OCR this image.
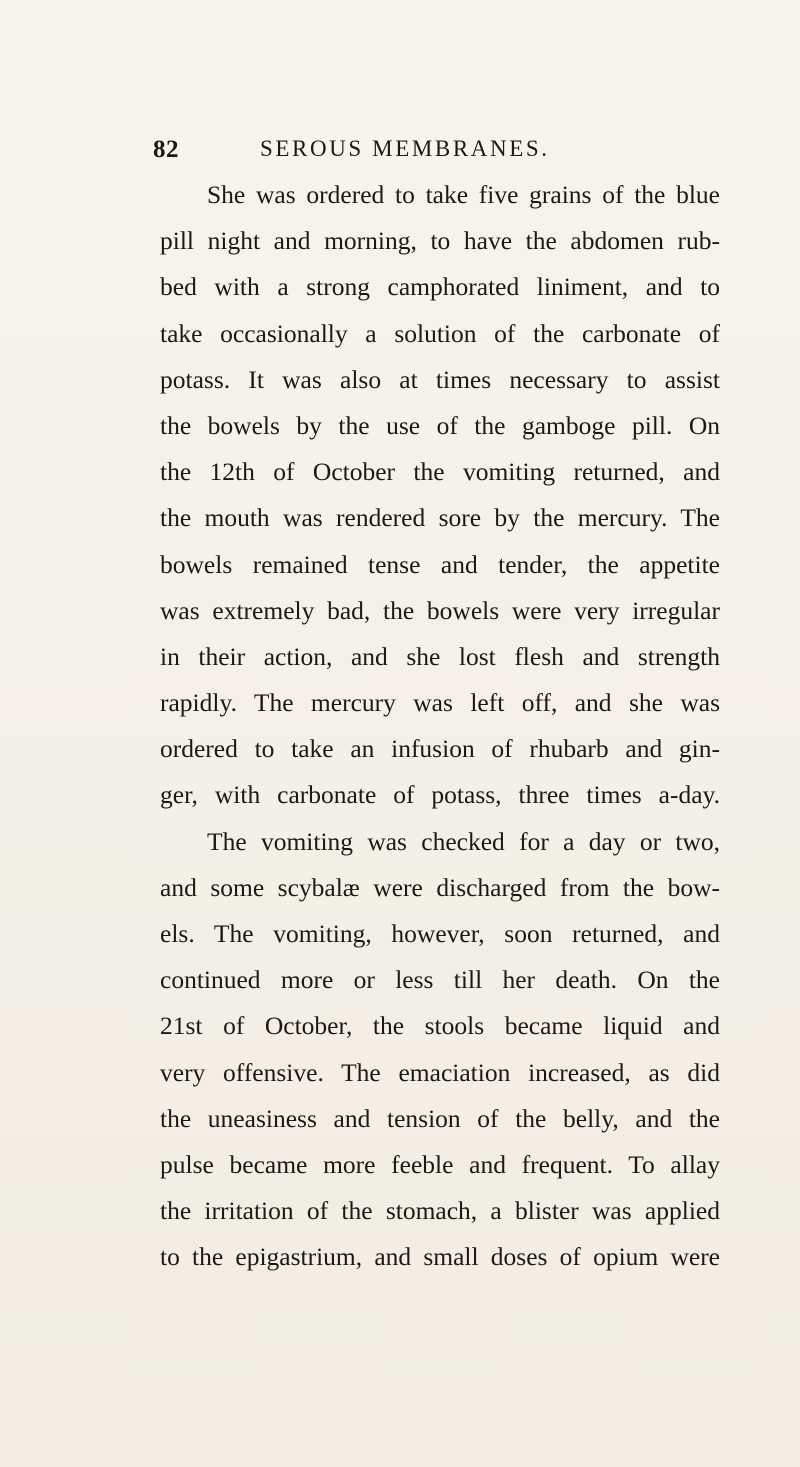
82	SEROUS MEMBRANES.
She was ordered to take five grains of the blue
pill night and morning, to have the abdomen rub-
bed with a strong camphorated liniment, and to
take occasionally a solution of the carbonate of
potass. It was also at times necessary to assist
the bowels by the use of the gamboge pill. On
the 12th of October the vomiting returned, and
the mouth was rendered sore by the mercury. The
bowels remained tense and tender, the appetite
was extremely bad, the bowels were very irregular
in their action, and she lost flesh and strength
rapidly. The mercury was left off, and she was
ordered to take an infusion of rhubarb and gin-
ger, with carbonate of potass, three times a-day.
The vomiting was checked for a day or two,
and some scybalæ were discharged from the bow-
els. The vomiting, however, soon returned, and
continued more or less till her death. On the
21st of October, the stools became liquid and
very offensive. The emaciation increased, as did
the uneasiness and tension of the belly, and the
pulse became more feeble and frequent. To allay
the irritation of the stomach, a blister was applied
to the epigastrium, and small doses of opium were
